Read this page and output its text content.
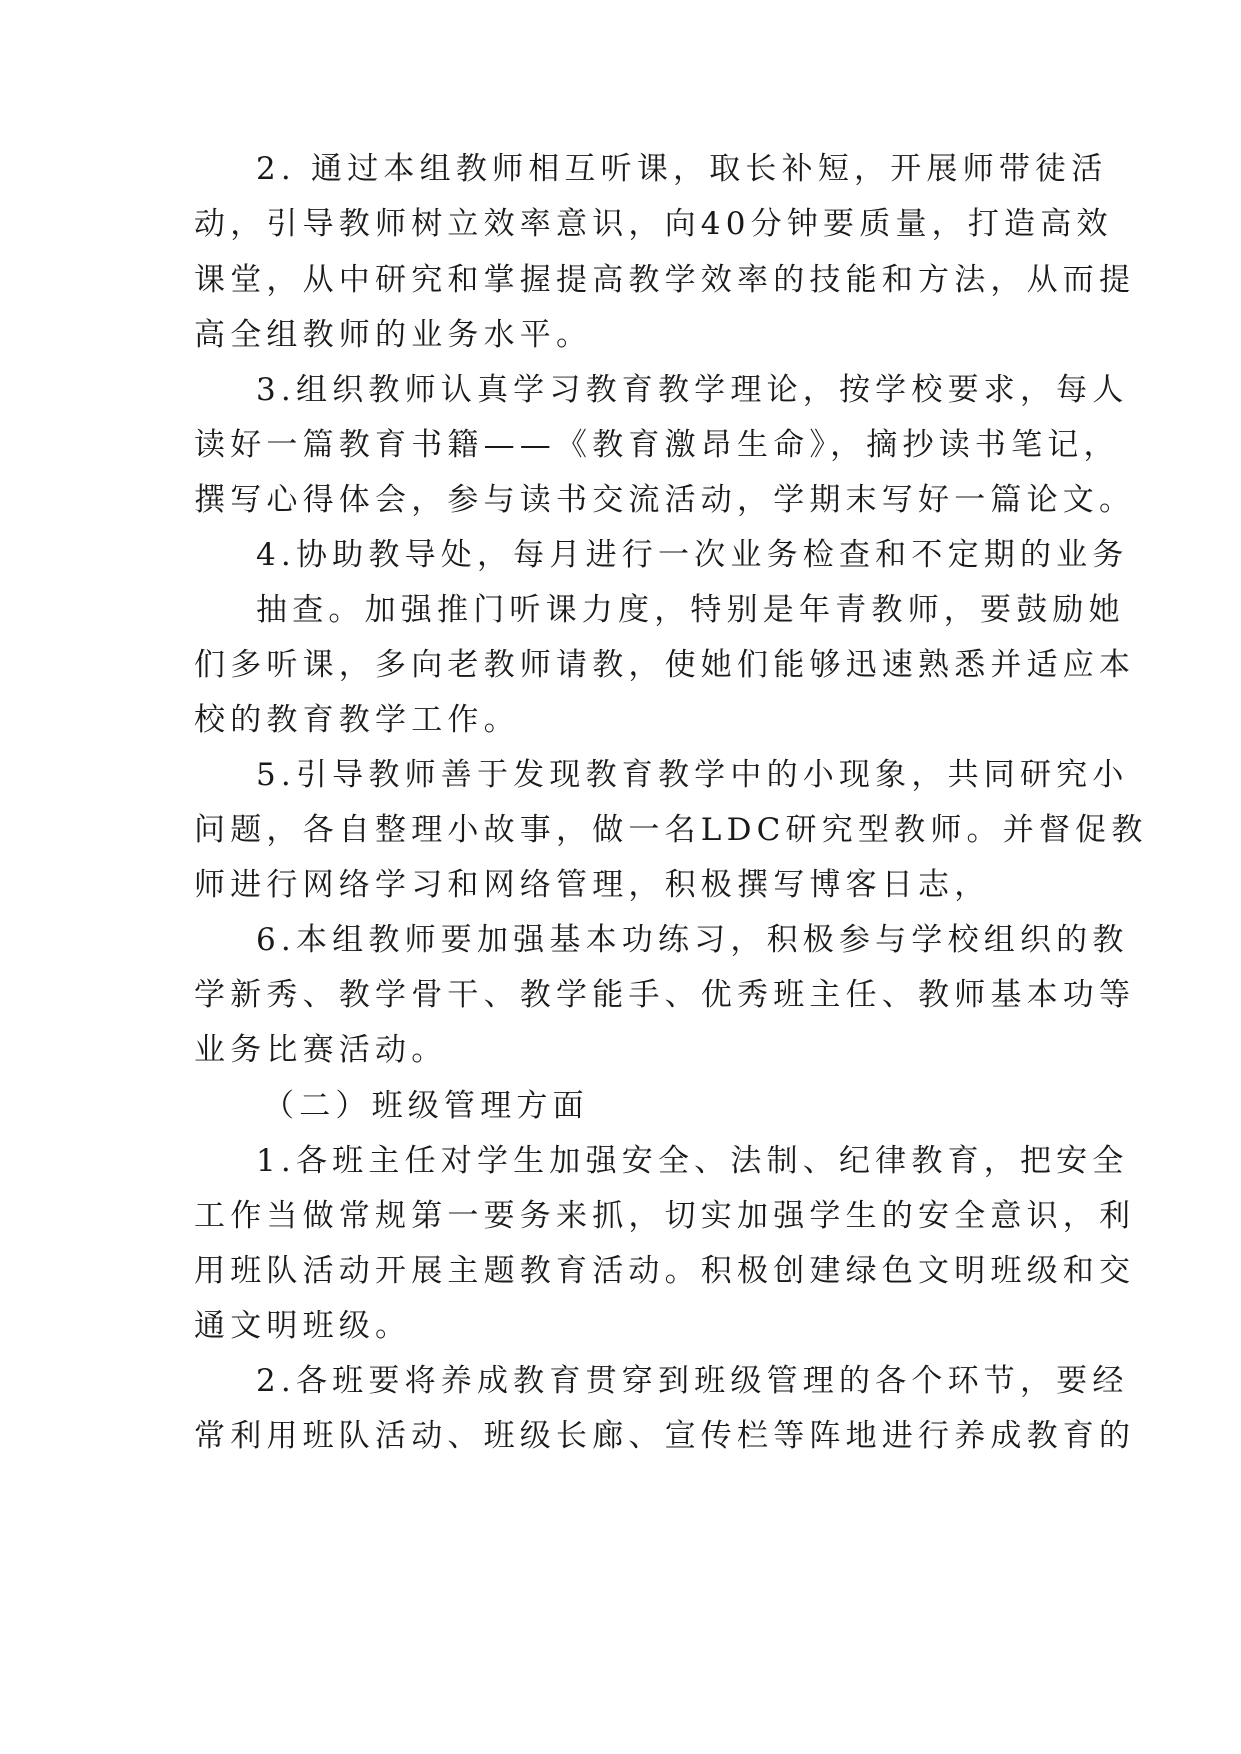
2. 通过本组教师相互听课，取长补短，开展师带徒活
动，引导教师树立效率意识，向40分钟要质量，打造高效
课堂，从中研究和掌握提高教学效率的技能和方法，从而提
高全组教师的业务水平。
3.组织教师认真学习教育教学理论，按学校要求，每人
读好一篇教育书籍——《教育激昂生命》，摘抄读书笔记，
撰写心得体会，参与读书交流活动，学期末写好一篇论文。
4.协助教导处，每月进行一次业务检查和不定期的业务
抽查。加强推门听课力度，特别是年青教师，要鼓励她
们多听课，多向老教师请教，使她们能够迅速熟悉并适应本
校的教育教学工作。
5.引导教师善于发现教育教学中的小现象，共同研究小
问题，各自整理小故事，做一名LDC研究型教师。并督促教
师进行网络学习和网络管理，积极撰写博客日志，
6.本组教师要加强基本功练习，积极参与学校组织的教
学新秀、教学骨干、教学能手、优秀班主任、教师基本功等
业务比赛活动。
（二）班级管理方面
1.各班主任对学生加强安全、法制、纪律教育，把安全
工作当做常规第一要务来抓，切实加强学生的安全意识，利
用班队活动开展主题教育活动。积极创建绿色文明班级和交
通文明班级。
2.各班要将养成教育贯穿到班级管理的各个环节，要经
常利用班队活动、班级长廊、宣传栏等阵地进行养成教育的
